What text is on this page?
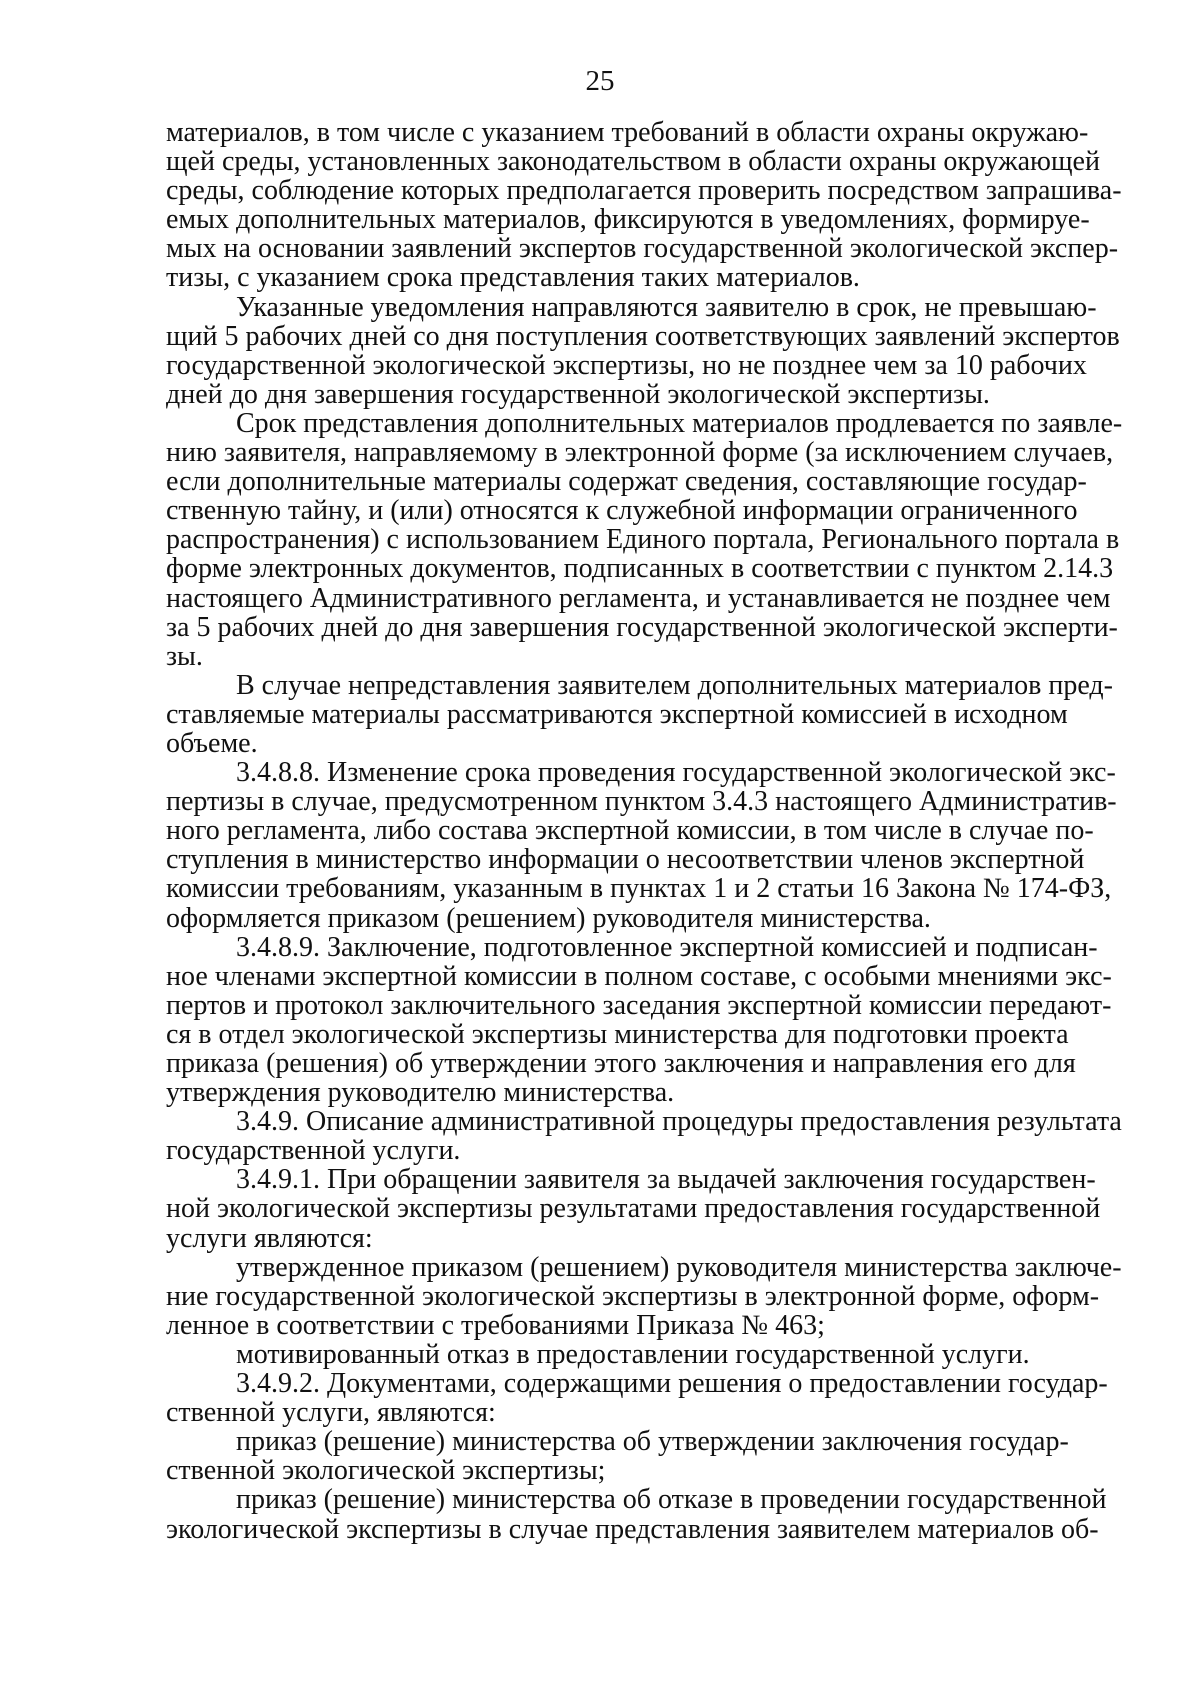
25
материалов, в том числе с указанием требований в области охраны окружаю-
щей среды, установленных законодательством в области охраны окружающей
среды, соблюдение которых предполагается проверить посредством запрашива-
емых дополнительных материалов, фиксируются в уведомлениях, формируе-
мых на основании заявлений экспертов государственной экологической экспер-
тизы, с указанием срока представления таких материалов.
Указанные уведомления направляются заявителю в срок, не превышаю-
щий 5 рабочих дней со дня поступления соответствующих заявлений экспертов
государственной экологической экспертизы, но не позднее чем за 10 рабочих
дней до дня завершения государственной экологической экспертизы.
Срок представления дополнительных материалов продлевается по заявле-
нию заявителя, направляемому в электронной форме (за исключением случаев,
если дополнительные материалы содержат сведения, составляющие государ-
ственную тайну, и (или) относятся к служебной информации ограниченного
распространения) с использованием Единого портала, Регионального портала в
форме электронных документов, подписанных в соответствии с пунктом 2.14.3
настоящего Административного регламента, и устанавливается не позднее чем
за 5 рабочих дней до дня завершения государственной экологической эксперти-
зы.
В случае непредставления заявителем дополнительных материалов пред-
ставляемые материалы рассматриваются экспертной комиссией в исходном
объеме.
3.4.8.8. Изменение срока проведения государственной экологической экс-
пертизы в случае, предусмотренном пунктом 3.4.3 настоящего Административ-
ного регламента, либо состава экспертной комиссии, в том числе в случае по-
ступления в министерство информации о несоответствии членов экспертной
комиссии требованиям, указанным в пунктах 1 и 2 статьи 16 Закона № 174-ФЗ,
оформляется приказом (решением) руководителя министерства.
3.4.8.9. Заключение, подготовленное экспертной комиссией и подписан-
ное членами экспертной комиссии в полном составе, с особыми мнениями экс-
пертов и протокол заключительного заседания экспертной комиссии передают-
ся в отдел экологической экспертизы министерства для подготовки проекта
приказа (решения) об утверждении этого заключения и направления его для
утверждения руководителю министерства.
3.4.9. Описание административной процедуры предоставления результата
государственной услуги.
3.4.9.1. При обращении заявителя за выдачей заключения государствен-
ной экологической экспертизы результатами предоставления государственной
услуги являются:
утвержденное приказом (решением) руководителя министерства заключе-
ние государственной экологической экспертизы в электронной форме, оформ-
ленное в соответствии с требованиями Приказа № 463;
мотивированный отказ в предоставлении государственной услуги.
3.4.9.2. Документами, содержащими решения о предоставлении государ-
ственной услуги, являются:
приказ (решение) министерства об утверждении заключения государ-
ственной экологической экспертизы;
приказ (решение) министерства об отказе в проведении государственной
экологической экспертизы в случае представления заявителем материалов об-
